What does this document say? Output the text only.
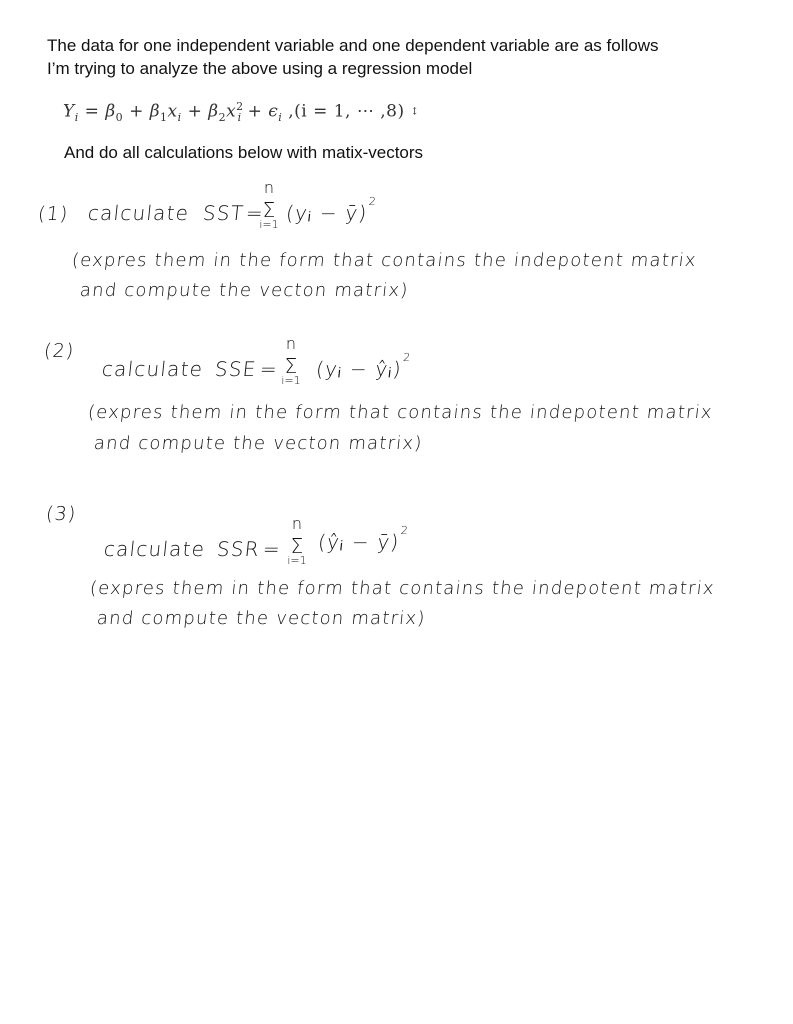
The data for one independent variable and one dependent variable are as follows

I’m trying to analyze the above using a regression model

$Y_i = \beta_0 + \beta_1x_i + \beta_2x^2_i + \epsilon_i$ ,(i = 1, ⋯ ,8) ↕

And do all calculations below with matix-vectors

(1) calculate SST =
n
Σ
i=1 (yᵢ − ȳ)$^2$
(expres them in the form that contains the indepotent matrix
and compute the vecton matrix)
(2)
calculate SSE =
n
Σ
i=1 (yᵢ − ŷᵢ)$^2$
(expres them in the form that contains the indepotent matrix
and compute the vecton matrix)
(3)
calculate SSR =
n
Σ
i=1
(ŷᵢ − ȳ)$^2$
(expres them in the form that contains the indepotent matrix
and compute the vecton matrix)
